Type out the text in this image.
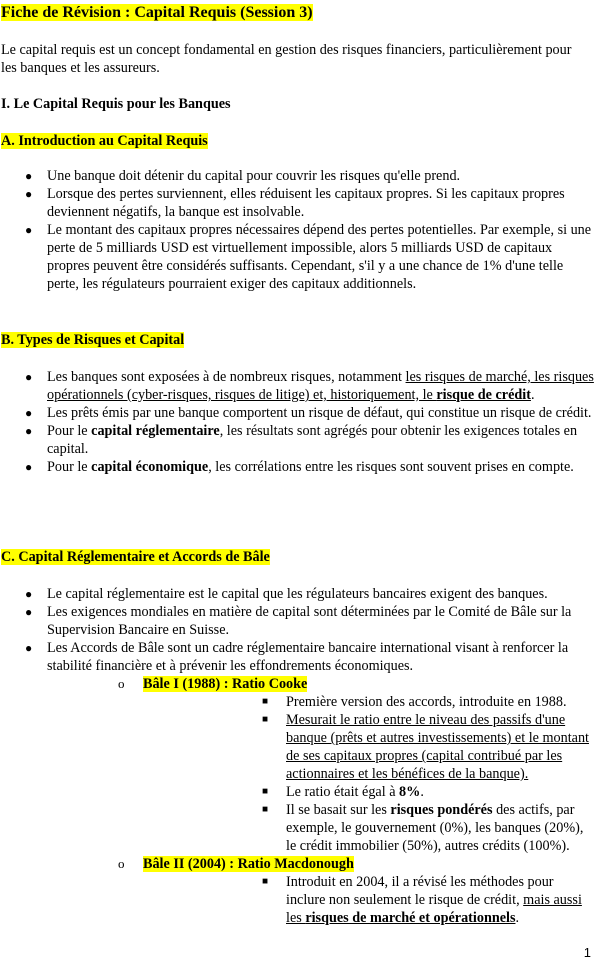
Fiche de Révision : Capital Requis (Session 3)
Le capital requis est un concept fondamental en gestion des risques financiers, particulièrement pour les banques et les assureurs.
I. Le Capital Requis pour les Banques
A. Introduction au Capital Requis
● Une banque doit détenir du capital pour couvrir les risques qu'elle prend.
● Lorsque des pertes surviennent, elles réduisent les capitaux propres. Si les capitaux propres deviennent négatifs, la banque est insolvable.
● Le montant des capitaux propres nécessaires dépend des pertes potentielles. Par exemple, si une perte de 5 milliards USD est virtuellement impossible, alors 5 milliards USD de capitaux propres peuvent être considérés suffisants. Cependant, s'il y a une chance de 1% d'une telle perte, les régulateurs pourraient exiger des capitaux additionnels.
B. Types de Risques et Capital
● Les banques sont exposées à de nombreux risques, notamment les risques de marché, les risques opérationnels (cyber-risques, risques de litige) et, historiquement, le risque de crédit.
● Les prêts émis par une banque comportent un risque de défaut, qui constitue un risque de crédit.
● Pour le capital réglementaire, les résultats sont agrégés pour obtenir les exigences totales en capital.
● Pour le capital économique, les corrélations entre les risques sont souvent prises en compte.
C. Capital Réglementaire et Accords de Bâle
● Le capital réglementaire est le capital que les régulateurs bancaires exigent des banques.
● Les exigences mondiales en matière de capital sont déterminées par le Comité de Bâle sur la Supervision Bancaire en Suisse.
● Les Accords de Bâle sont un cadre réglementaire bancaire international visant à renforcer la stabilité financière et à prévenir les effondrements économiques.
o Bâle I (1988) : Ratio Cooke
■ Première version des accords, introduite en 1988.
■ Mesurait le ratio entre le niveau des passifs d'une banque (prêts et autres investissements) et le montant de ses capitaux propres (capital contribué par les actionnaires et les bénéfices de la banque).
■ Le ratio était égal à 8%.
■ Il se basait sur les risques pondérés des actifs, par exemple, le gouvernement (0%), les banques (20%), le crédit immobilier (50%), autres crédits (100%).
o Bâle II (2004) : Ratio Macdonough
■ Introduit en 2004, il a révisé les méthodes pour inclure non seulement le risque de crédit, mais aussi les risques de marché et opérationnels.
1
